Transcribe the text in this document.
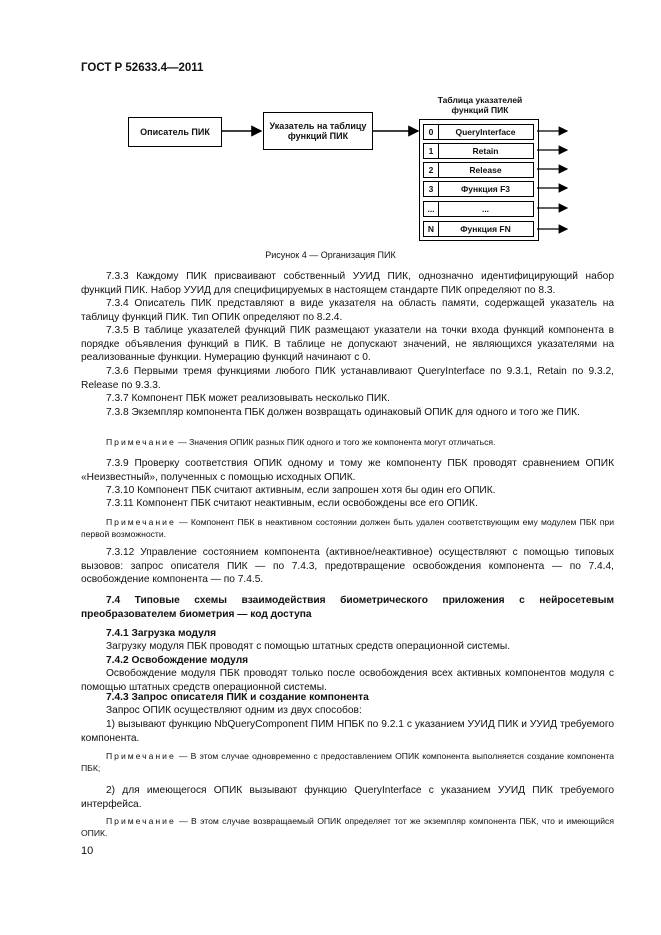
ГОСТ Р 52633.4—2011
Описатель ПИК
Указатель на таблицу функций ПИК
Таблица указателей функций ПИК
0	QueryInterface
1	Retain
2	Release
3	Функция F3
...	...
N	Функция FN
Рисунок 4 — Организация ПИК
7.3.3 Каждому ПИК присваивают собственный УУИД ПИК, однозначно идентифицирующий набор функций ПИК. Набор УУИД для специфицируемых в настоящем стандарте ПИК определяют по 8.3.
7.3.4 Описатель ПИК представляют в виде указателя на область памяти, содержащей указатель на таблицу функций ПИК. Тип ОПИК определяют по 8.2.4.
7.3.5 В таблице указателей функций ПИК размещают указатели на точки входа функций компонента в порядке объявления функций в ПИК. В таблице не допускают значений, не являющихся указателями на реализованные функции. Нумерацию функций начинают с 0.
7.3.6 Первыми тремя функциями любого ПИК устанавливают QueryInterface по 9.3.1, Retain по 9.3.2, Release по 9.3.3.
7.3.7 Компонент ПБК может реализовывать несколько ПИК.
7.3.8 Экземпляр компонента ПБК должен возвращать одинаковый ОПИК для одного и того же ПИК.
Примечание — Значения ОПИК разных ПИК одного и того же компонента могут отличаться.
7.3.9 Проверку соответствия ОПИК одному и тому же компоненту ПБК проводят сравнением ОПИК «Неизвестный», полученных с помощью исходных ОПИК.
7.3.10 Компонент ПБК считают активным, если запрошен хотя бы один его ОПИК.
7.3.11 Компонент ПБК считают неактивным, если освобождены все его ОПИК.
Примечание — Компонент ПБК в неактивном состоянии должен быть удален соответствующим ему модулем ПБК при первой возможности.
7.3.12 Управление состоянием компонента (активное/неактивное) осуществляют с помощью типовых вызовов: запрос описателя ПИК — по 7.4.3, предотвращение освобождения компонента — по 7.4.4, освобождение компонента — по 7.4.5.
7.4 Типовые схемы взаимодействия биометрического приложения с нейросетевым преобразователем биометрия — код доступа
7.4.1 Загрузка модуля
Загрузку модуля ПБК проводят с помощью штатных средств операционной системы.
7.4.2 Освобождение модуля
Освобождение модуля ПБК проводят только после освобождения всех активных компонентов модуля с помощью штатных средств операционной системы.
7.4.3 Запрос описателя ПИК и создание компонента
Запрос ОПИК осуществляют одним из двух способов:
1) вызывают функцию NbQueryComponent ПИМ НПБК по 9.2.1 с указанием УУИД ПИК и УУИД требуемого компонента.
Примечание — В этом случае одновременно с предоставлением ОПИК компонента выполняется создание компонента ПБК;
2) для имеющегося ОПИК вызывают функцию QueryInterface с указанием УУИД ПИК требуемого интерфейса.
Примечание — В этом случае возвращаемый ОПИК определяет тот же экземпляр компонента ПБК, что и имеющийся ОПИК.
10
